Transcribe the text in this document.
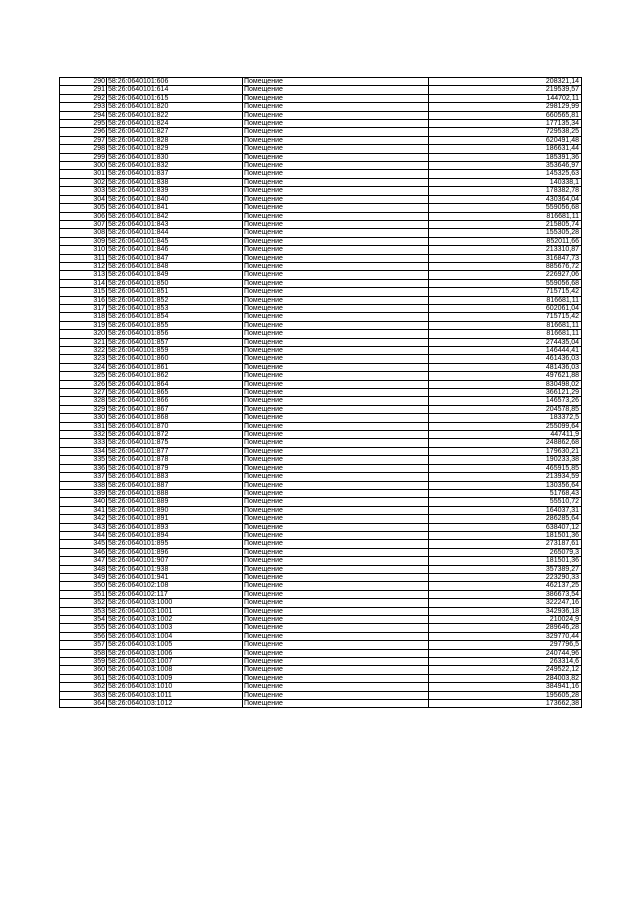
290	58:26:0640101:606	Помещение	208321,14
291	58:26:0640101:614	Помещение	219539,57
292	58:26:0640101:615	Помещение	144702,11
293	58:26:0640101:820	Помещение	298129,99
294	58:26:0640101:822	Помещение	660565,81
295	58:26:0640101:824	Помещение	177135,34
296	58:26:0640101:827	Помещение	729538,25
297	58:26:0640101:828	Помещение	620491,48
298	58:26:0640101:829	Помещение	186631,44
299	58:26:0640101:830	Помещение	185391,36
300	58:26:0640101:832	Помещение	353646,97
301	58:26:0640101:837	Помещение	145325,63
302	58:26:0640101:838	Помещение	140338,1
303	58:26:0640101:839	Помещение	178382,78
304	58:26:0640101:840	Помещение	430364,04
305	58:26:0640101:841	Помещение	559056,68
306	58:26:0640101:842	Помещение	816681,11
307	58:26:0640101:843	Помещение	215805,74
308	58:26:0640101:844	Помещение	155305,28
309	58:26:0640101:845	Помещение	852011,66
310	58:26:0640101:846	Помещение	213310,87
311	58:26:0640101:847	Помещение	316847,73
312	58:26:0640101:848	Помещение	885676,72
313	58:26:0640101:849	Помещение	226927,06
314	58:26:0640101:850	Помещение	559056,68
315	58:26:0640101:851	Помещение	715715,42
316	58:26:0640101:852	Помещение	816681,11
317	58:26:0640101:853	Помещение	602061,04
318	58:26:0640101:854	Помещение	715715,42
319	58:26:0640101:855	Помещение	816681,11
320	58:26:0640101:856	Помещение	816681,11
321	58:26:0640101:857	Помещение	274435,04
322	58:26:0640101:859	Помещение	146444,41
323	58:26:0640101:860	Помещение	461436,03
324	58:26:0640101:861	Помещение	481436,03
325	58:26:0640101:862	Помещение	497621,88
326	58:26:0640101:864	Помещение	830498,02
327	58:26:0640101:865	Помещение	366121,29
328	58:26:0640101:866	Помещение	146573,26
329	58:26:0640101:867	Помещение	204578,85
330	58:26:0640101:868	Помещение	183372,5
331	58:26:0640101:870	Помещение	255099,64
332	58:26:0640101:872	Помещение	447411,9
333	58:26:0640101:875	Помещение	248862,68
334	58:26:0640101:877	Помещение	179630,21
335	58:26:0640101:878	Помещение	190233,38
336	58:26:0640101:879	Помещение	465915,85
337	58:26:0640101:883	Помещение	213934,59
338	58:26:0640101:887	Помещение	130356,64
339	58:26:0640101:888	Помещение	51768,43
340	58:26:0640101:889	Помещение	55510,72
341	58:26:0640101:890	Помещение	164037,31
342	58:26:0640101:891	Помещение	286285,64
343	58:26:0640101:893	Помещение	638407,12
344	58:26:0640101:894	Помещение	181501,36
345	58:26:0640101:895	Помещение	273187,61
346	58:26:0640101:896	Помещение	265079,3
347	58:26:0640101:907	Помещение	181501,36
348	58:26:0640101:938	Помещение	357389,27
349	58:26:0640101:941	Помещение	223290,33
350	58:26:0640102:108	Помещение	462137,25
351	58:26:0640102:117	Помещение	386673,54
352	58:26:0640103:1000	Помещение	322247,16
353	58:26:0640103:1001	Помещение	342936,18
354	58:26:0640103:1002	Помещение	210024,9
355	58:26:0640103:1003	Помещение	289646,28
356	58:26:0640103:1004	Помещение	329770,44
357	58:26:0640103:1005	Помещение	297796,5
358	58:26:0640103:1006	Помещение	240744,96
359	58:26:0640103:1007	Помещение	263314,6
360	58:26:0640103:1008	Помещение	249522,12
361	58:26:0640103:1009	Помещение	284003,82
362	58:26:0640103:1010	Помещение	384941,16
363	58:26:0640103:1011	Помещение	195605,28
364	58:26:0640103:1012	Помещение	173662,38
